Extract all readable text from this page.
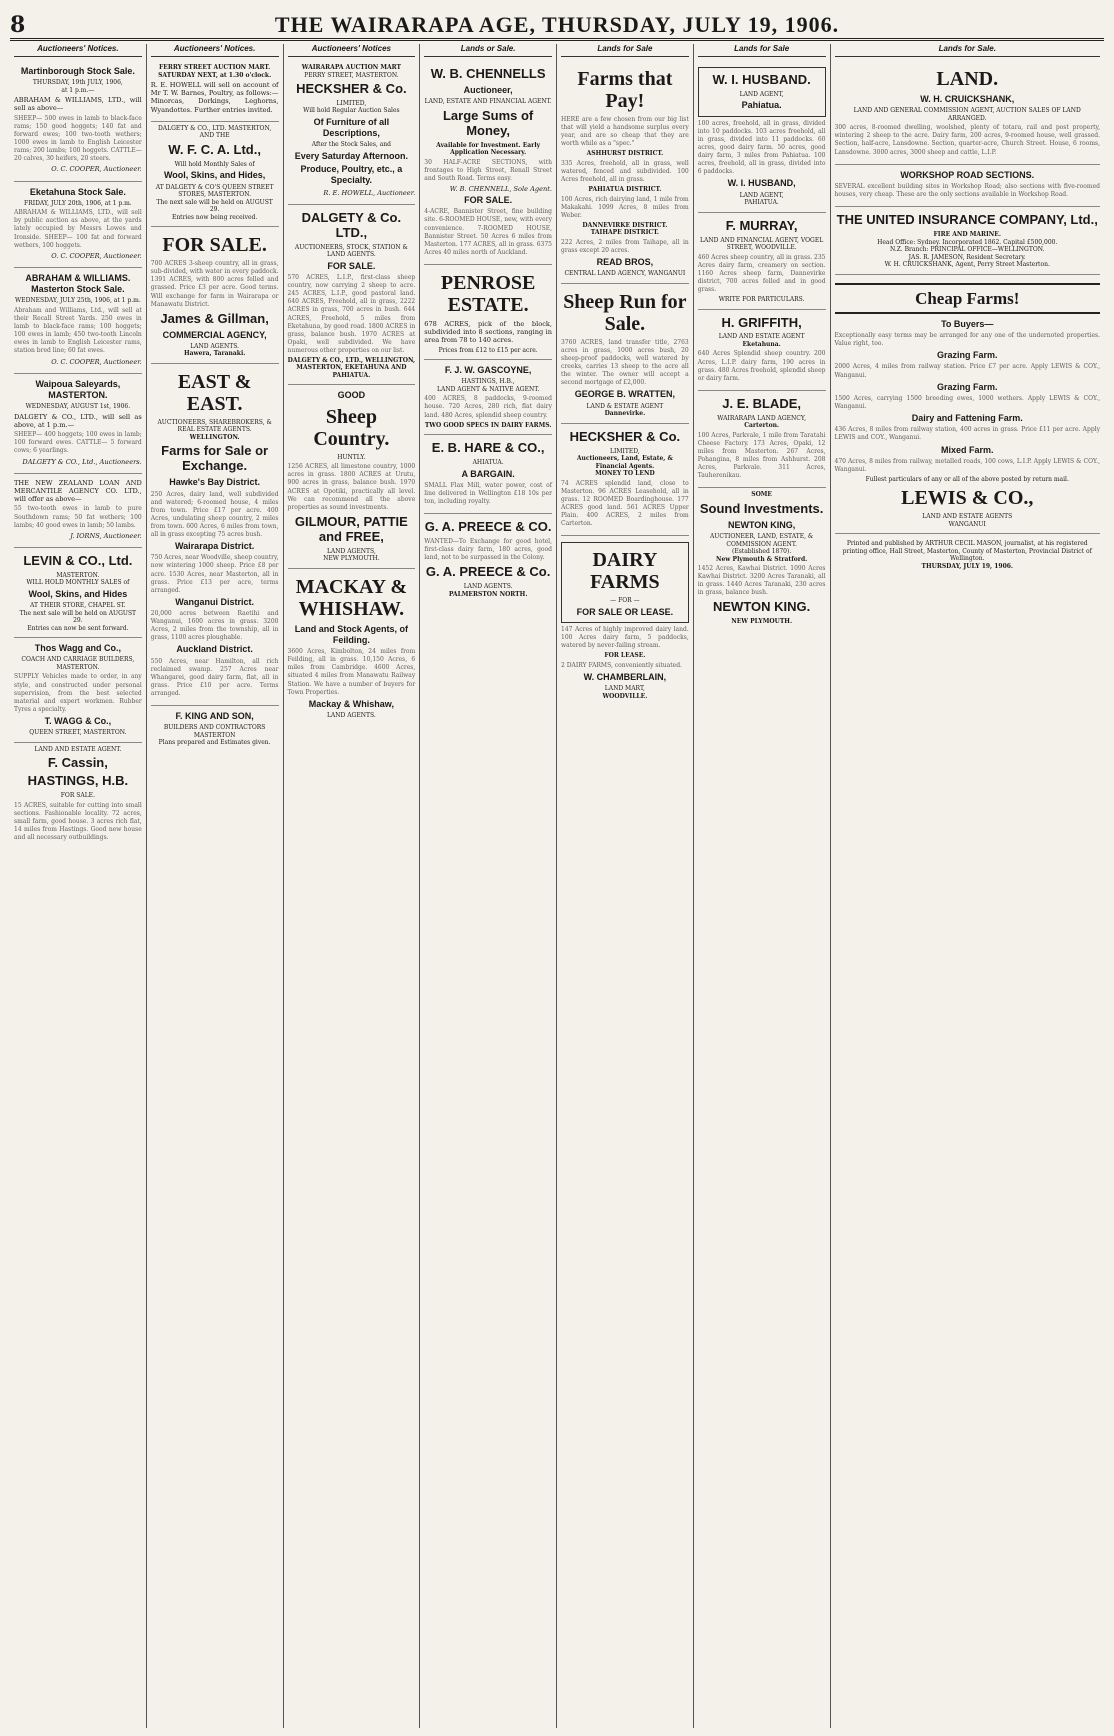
8	THE WAIRARAPA AGE, THURSDAY, JULY 19, 1906.
Auctioneers' Notices.
Martinborough Stock Sale.
THURSDAY, 19th JULY, 1906,
at 1 p.m.—
ABRAHAM & WILLIAMS, LTD., will sell as above—
SHEEP— 500 ewes in lamb to black-face rams; 150 good hoggets; 140 fat and forward ewes; 100 two-tooth wethers; 1000 ewes in lamb to English Leicester rams; 200 lambs; 100 hoggets. CATTLE— 20 calves, 30 heifers, 20 steers.
O. C. COOPER, Auctioneer.
Eketahuna Stock Sale.
FRIDAY, JULY 20th, 1906, at 1 p.m.
ABRAHAM & WILLIAMS, LTD., will sell by public auction as above, at the yards lately occupied by Messrs Lowes and Ironside. SHEEP— 100 fat and forward wethers, 100 hoggets.
O. C. COOPER, Auctioneer.
ABRAHAM & WILLIAMS. Masterton Stock Sale.
WEDNESDAY, JULY 25th, 1906, at 1 p.m.
Abraham and Williams, Ltd., will sell at their Recall Street Yards. 250 ewes in lamb to black-face rams; 100 hoggets; 100 ewes in lamb; 450 two-tooth Lincoln ewes in lamb to English Leicester rams, station bred line; 60 fat ewes.
O. C. COOPER, Auctioneer.
Waipoua Saleyards, MASTERTON.
WEDNESDAY, AUGUST 1st, 1906.
DALGETY & CO., LTD., will sell as above, at 1 p.m.—
SHEEP— 400 hoggets; 100 ewes in lamb; 100 forward ewes. CATTLE— 5 forward cows; 6 yearlings.
DALGETY & CO., Ltd., Auctioneers.
THE NEW ZEALAND LOAN AND MERCANTILE AGENCY CO. LTD., will offer as above—
55 two-tooth ewes in lamb to pure Southdown rams; 50 fat wethers; 100 lambs; 40 good ewes in lamb; 50 lambs.
J. IORNS, Auctioneer.
LEVIN & CO., Ltd.
MASTERTON.
WILL HOLD MONTHLY SALES of
Wool, Skins, and Hides
AT THEIR STORE, CHAPEL ST.
The next sale will be held on AUGUST 29.
Entries can now be sent forward.
Thos Wagg and Co.,
COACH AND CARRIAGE BUILDERS,
MASTERTON.
SUPPLY Vehicles made to order, in any style, and constructed under personal supervision, from the best selected material and expert workmen. Rubber Tyres a specialty.
T. WAGG & Co.,
QUEEN STREET, MASTERTON.
LAND AND ESTATE AGENT.
F. Cassin,
HASTINGS, H.B.
FOR SALE.
15 ACRES, suitable for cutting into small sections. Fashionable locality. 72 acres, small farm, good house. 3 acres rich flat, 14 miles from Hastings. Good new house and all necessary outbuildings.
Auctioneers' Notices.
FERRY STREET AUCTION MART.
SATURDAY NEXT, at 1.30 o'clock.
R. E. HOWELL will sell on account of Mr T. W. Barnes, Poultry, as follows:—Minorcas, Dorkings, Leghorns, Wyandottes. Further entries invited.
DALGETY & CO., LTD. MASTERTON, AND THE
W. F. C. A. Ltd.,
Will hold Monthly Sales of
Wool, Skins, and Hides,
AT DALGETY & CO'S QUEEN STREET STORES, MASTERTON.
The next sale will be held on AUGUST 29.
Entries now being received.
FOR SALE.
700 ACRES 3-sheep country, all in grass, sub-divided, with water in every paddock. 1391 ACRES, with 800 acres felled and grassed. Price £3 per acre. Good terms. Will exchange for farm in Wairarapa or Manawatu District.
James & Gillman,
COMMERCIAL AGENCY,
LAND AGENTS.
Hawera, Taranaki.
EAST & EAST.
AUCTIONEERS, SHAREBROKERS, & REAL ESTATE AGENTS.
WELLINGTON.
Farms for Sale or Exchange.
Hawke's Bay District.
250 Acres, dairy land, well subdivided and watered; 6-roomed house, 4 miles from town. Price £17 per acre. 400 Acres, undulating sheep country, 2 miles from town. 600 Acres, 6 miles from town, all in grass excepting 75 acres bush.
Wairarapa District.
750 Acres, near Woodville, sheep country, now wintering 1000 sheep. Price £8 per acre. 1530 Acres, near Masterton, all in grass. Price £13 per acre, terms arranged.
Wanganui District.
20,000 acres between Raetihi and Wanganui, 1600 acres in grass. 3200 Acres, 2 miles from the township, all in grass, 1100 acres ploughable.
Auckland District.
550 Acres, near Hamilton, all rich reclaimed swamp. 257 Acres near Whangarei, good dairy farm, flat, all in grass. Price £10 per acre. Terms arranged.
F. KING AND SON,
BUILDERS AND CONTRACTORS
MASTERTON
Plans prepared and Estimates given.
Auctioneers' Notices
WAIRARAPA AUCTION MART
PERRY STREET, MASTERTON.
HECKSHER & Co.
LIMITED,
Will hold Regular Auction Sales
Of Furniture of all Descriptions,
After the Stock Sales, and
Every Saturday Afternoon.
Produce, Poultry, etc., a Specialty.
R. E. HOWELL, Auctioneer.
DALGETY & Co. LTD.,
AUCTIONEERS, STOCK, STATION & LAND AGENTS.
FOR SALE.
570 ACRES, L.I.P., first-class sheep country, now carrying 2 sheep to acre. 245 ACRES, L.I.P., good pastoral land. 640 ACRES, Freehold, all in grass, 2222 ACRES in grass, 700 acres in bush. 644 ACRES, Freehold, 5 miles from Eketahuna, by good road. 1800 ACRES in grass, balance bush. 1970 ACRES at Opaki, well subdivided. We have numerous other properties on our list.
DALGETY & CO., LTD., WELLINGTON, MASTERTON, EKETAHUNA AND PAHIATUA.
GOOD
Sheep Country.
HUNTLY.
1256 ACRES, all limestone country, 1000 acres in grass. 1800 ACRES at Urutu, 900 acres in grass, balance bush. 1970 ACRES at Opotiki, practically all level. We can recommend all the above properties as sound investments.
GILMOUR, PATTIE and FREE,
LAND AGENTS,
NEW PLYMOUTH.
MACKAY & WHISHAW.
Land and Stock Agents, of Feilding.
3600 Acres, Kimbolton, 24 miles from Feilding, all in grass. 10,150 Acres, 6 miles from Cambridge. 4600 Acres, situated 4 miles from Manawatu Railway Station. We have a number of buyers for Town Properties.
Mackay & Whishaw,
LAND AGENTS.
Lands or Sale.
W. B. CHENNELLS
Auctioneer,
LAND, ESTATE AND FINANCIAL AGENT.
Large Sums of Money,
Available for Investment. Early Application Necessary.
30 HALF-ACRE SECTIONS, with frontages to High Street, Renall Street and South Road. Terms easy.
W. B. CHENNELL, Sole Agent.
FOR SALE.
4-ACRE, Bannister Street, fine building site. 6-ROOMED HOUSE, new, with every convenience. 7-ROOMED HOUSE, Bannister Street. 50 Acres 6 miles from Masterton. 177 ACRES, all in grass. 6375 Acres 40 miles north of Auckland.
PENROSE ESTATE.
678 ACRES, pick of the block, subdivided into 8 sections, ranging in area from 78 to 140 acres.
Prices from £12 to £15 per acre.
F. J. W. GASCOYNE,
HASTINGS, H.B.,
LAND AGENT & NATIVE AGENT.
400 ACRES, 8 paddocks, 9-roomed house. 720 Acres, 280 rich, flat dairy land. 480 Acres, splendid sheep country.
TWO GOOD SPECS IN DAIRY FARMS.
E. B. HARE & CO.,
AHIATUA.
A BARGAIN.
SMALL Flax Mill, water power, cost of line delivered in Wellington £18 10s per ton, including royalty.
G. A. PREECE & CO.
WANTED—To Exchange for good hotel, first-class dairy farm, 180 acres, good land, not to be surpassed in the Colony.
G. A. PREECE & Co.
LAND AGENTS.
PALMERSTON NORTH.
Lands for Sale
Farms that Pay!
HERE are a few chosen from our big list that will yield a handsome surplus every year, and are so cheap that they are worth while as a "spec."
ASHHURST DISTRICT.
335 Acres, freehold, all in grass, well watered, fenced and subdivided. 100 Acres freehold, all in grass.
PAHIATUA DISTRICT.
100 Acres, rich dairying land, 1 mile from Makakahi. 1099 Acres, 8 miles from Weber.
DANNEVIRKE DISTRICT.
TAIHAPE DISTRICT.
222 Acres, 2 miles from Taihape, all in grass except 20 acres.
READ BROS,
CENTRAL LAND AGENCY, WANGANUI
Sheep Run for Sale.
3760 ACRES, land transfer title, 2763 acres in grass, 1000 acres bush, 20 sheep-proof paddocks, well watered by creeks, carries 13 sheep to the acre all the winter. The owner will accept a second mortgage of £2,000.
GEORGE B. WRATTEN,
LAND & ESTATE AGENT
Dannevirke.
HECKSHER & Co.
LIMITED,
Auctioneers, Land, Estate, & Financial Agents.
MONEY TO LEND
74 ACRES splendid land, close to Masterton. 96 ACRES Leasehold, all in grass. 12 ROOMED Boardinghouse. 177 ACRES good land. 561 ACRES Upper Plain. 400 ACRES, 2 miles from Carterton.
DAIRY FARMS
— FOR —
FOR SALE OR LEASE.
147 Acres of highly improved dairy land. 100 Acres dairy farm, 5 paddocks, watered by never-failing stream.
FOR LEASE.
2 DAIRY FARMS, conveniently situated.
W. CHAMBERLAIN,
LAND MART,
WOODVILLE.
Lands for Sale
W. I. HUSBAND.
LAND AGENT,
Pahiatua.
100 acres, freehold, all in grass, divided into 10 paddocks. 103 acres freehold, all in grass, divided into 11 paddocks. 60 acres, good dairy farm. 50 acres, good dairy farm, 3 miles from Pahiatua. 100 acres, freehold, all in grass, divided into 6 paddocks.
W. I. HUSBAND,
LAND AGENT,
PAHIATUA.
F. MURRAY,
LAND AND FINANCIAL AGENT, VOGEL STREET, WOODVILLE.
460 Acres sheep country, all in grass. 235 Acres dairy farm, creamery on section. 1160 Acres sheep farm, Dannevirke district, 700 acres felled and in good grass.
WRITE FOR PARTICULARS.
H. GRIFFITH,
LAND AND ESTATE AGENT
Eketahuna.
640 Acres Splendid sheep country. 200 Acres, L.I.P. dairy farm, 190 acres in grass. 480 Acres freehold, splendid sheep or dairy farm.
J. E. BLADE,
WAIRARAPA LAND AGENCY,
Carterton.
100 Acres, Parkvale, 1 mile from Taratahi Cheese Factory. 173 Acres, Opaki, 12 miles from Masterton. 267 Acres, Pohangina, 8 miles from Ashhurst. 208 Acres, Parkvale. 311 Acres, Tauherenikau.
SOME
Sound Investments.
NEWTON KING,
AUCTIONEER, LAND, ESTATE, & COMMISSION AGENT.
(Established 1870).
New Plymouth & Stratford.
1452 Acres, Kawhai District. 1090 Acres Kawhai District. 3200 Acres Taranaki, all in grass. 1440 Acres Taranaki, 230 acres in grass, balance bush.
NEWTON KING.
NEW PLYMOUTH.
Lands for Sale.
LAND.
W. H. CRUICKSHANK,
LAND AND GENERAL COMMISSION AGENT, AUCTION SALES OF LAND ARRANGED.
300 acres, 8-roomed dwelling, woolshed, plenty of totara, rail and post property, wintering 2 sheep to the acre. Dairy farm, 200 acres, 9-roomed house, well grassed. Section, half-acre, Lansdowne. Section, quarter-acre, Church Street. House, 6 rooms, Lansdowne. 3000 acres, 3000 sheep and cattle, L.I.P.
WORKSHOP ROAD SECTIONS.
SEVERAL excellent building sites in Workshop Road; also sections with five-roomed houses, very cheap. These are the only sections available in Workshop Road.
THE UNITED INSURANCE COMPANY, Ltd.,
FIRE AND MARINE.
Head Office: Sydney. Incorporated 1862. Capital £500,000.
N.Z. Branch: PRINCIPAL OFFICE—WELLINGTON.
JAS. R. JAMESON, Resident Secretary.
W. H. CRUICKSHANK, Agent, Perry Street Masterton.
Cheap Farms!
To Buyers—
Exceptionally easy terms may be arranged for any one of the undernoted properties. Value right, too.
Grazing Farm.
2000 Acres, 4 miles from railway station. Price £7 per acre. Apply LEWIS & COY., Wanganui.
Grazing Farm.
1500 Acres, carrying 1500 breeding ewes, 1000 wethers. Apply LEWIS & COY., Wanganui.
Dairy and Fattening Farm.
436 Acres, 8 miles from railway station, 400 acres in grass. Price £11 per acre. Apply LEWIS and COY., Wanganui.
Mixed Farm.
470 Acres, 8 miles from railway, metalled roads, 100 cows, L.I.P. Apply LEWIS & COY., Wanganui.
Fullest particulars of any or all of the above posted by return mail.
LEWIS & CO.,
LAND AND ESTATE AGENTS
WANGANUI
Printed and published by ARTHUR CECIL MASON, journalist, at his registered printing office, Hall Street, Masterton, County of Masterton, Provincial District of Wellington.
THURSDAY, JULY 19, 1906.
